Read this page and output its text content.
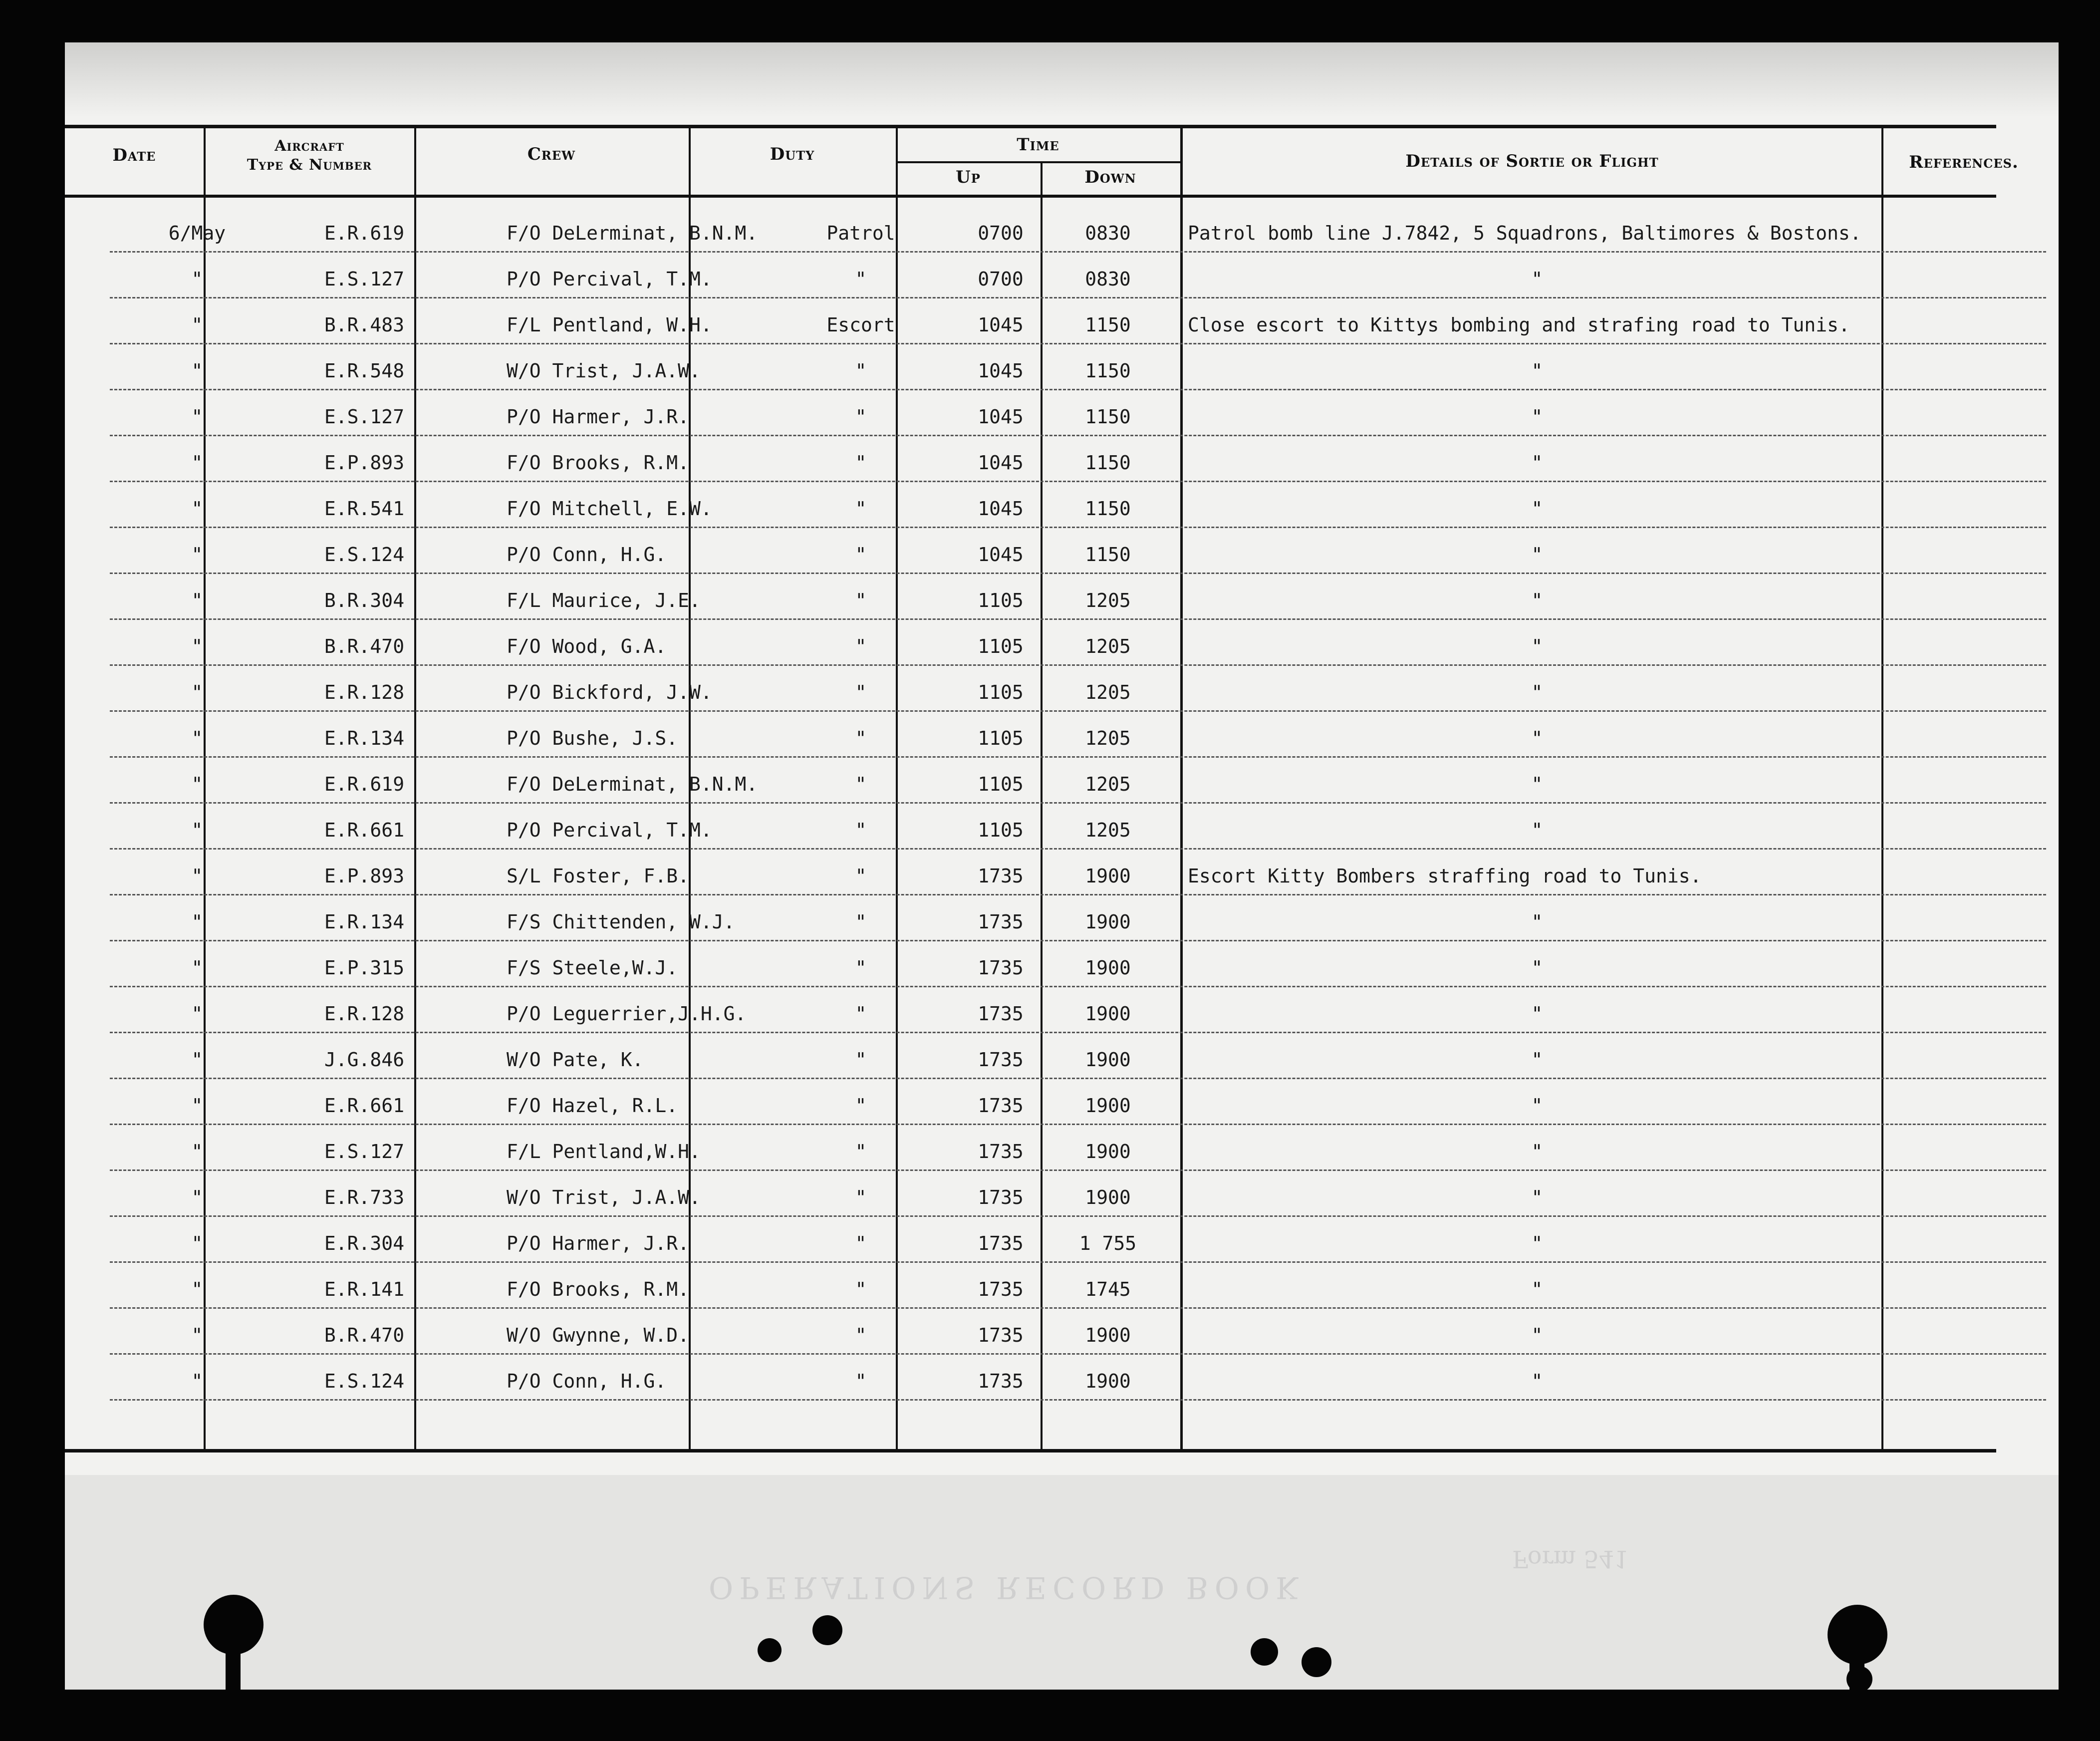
OPERATIONS RECORD BOOK
Form 541
Date	Aircraft
Type & Number
Crew	Duty	Time
Up	Down
Details of Sortie or Flight	References.
6/May	E.R.619	F/O DeLerminat, B.N.M.	Patrol	0700	0830	Patrol bomb line J.7842, 5 Squadrons, Baltimores & Bostons.
"	E.S.127	P/O Percival, T.M.	"	0700	0830	"
"	B.R.483	F/L Pentland, W.H.	Escort	1045	1150	Close escort to Kittys bombing and strafing road to Tunis.
"	E.R.548	W/O Trist, J.A.W.	"	1045	1150	"
"	E.S.127	P/O Harmer, J.R.	"	1045	1150	"
"	E.P.893	F/O Brooks, R.M.	"	1045	1150	"
"	E.R.541	F/O Mitchell, E.W.	"	1045	1150	"
"	E.S.124	P/O Conn, H.G.	"	1045	1150	"
"	B.R.304	F/L Maurice, J.E.	"	1105	1205	"
"	B.R.470	F/O Wood, G.A.	"	1105	1205	"
"	E.R.128	P/O Bickford, J.W.	"	1105	1205	"
"	E.R.134	P/O Bushe, J.S.	"	1105	1205	"
"	E.R.619	F/O DeLerminat, B.N.M.	"	1105	1205	"
"	E.R.661	P/O Percival, T.M.	"	1105	1205	"
"	E.P.893	S/L Foster, F.B.	"	1735	1900	Escort Kitty Bombers straffing road to Tunis.
"	E.R.134	F/S Chittenden, W.J.	"	1735	1900	"
"	E.P.315	F/S Steele,W.J.	"	1735	1900	"
"	E.R.128	P/O Leguerrier,J.H.G.	"	1735	1900	"
"	J.G.846	W/O Pate, K.	"	1735	1900	"
"	E.R.661	F/O Hazel, R.L.	"	1735	1900	"
"	E.S.127	F/L Pentland,W.H.	"	1735	1900	"
"	E.R.733	W/O Trist, J.A.W.	"	1735	1900	"
"	E.R.304	P/O Harmer, J.R.	"	1735	1 755	"
"	E.R.141	F/O Brooks, R.M.	"	1735	1745	"
"	B.R.470	W/O Gwynne, W.D.	"	1735	1900	"
"	E.S.124	P/O Conn, H.G.	"	1735	1900	"
